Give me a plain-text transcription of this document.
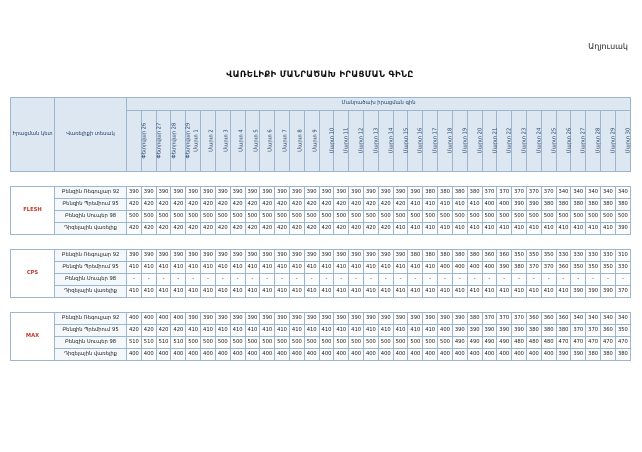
Աղյուսակ
ՎԱՌԵԼԻՔԻ ՄԱՆՐԱԾԱԽ ԻՐԱՑՄԱՆ ԳԻՆԸ
Իրացման կետ	Վառելիքի տեսակ	Մանրածախ իրացման գին																																	
		Փետրվար 26	Փետրվար 27	Փետրվար 28	Փետրվար 29	Մարտ 1	Մարտ 2	Մարտ 3	Մարտ 4	Մարտ 5	Մարտ 6	Մարտ 7	Մարտ 8	Մարտ 9	Մարտ 10	Մարտ 11	Մարտ 12	Մարտ 13	Մարտ 14	Մարտ 15	Մարտ 16	Մարտ 17	Մարտ 18	Մարտ 19	Մարտ 20	Մարտ 21	Մարտ 22	Մարտ 23	Մարտ 24	Մարտ 25	Մարտ 26	Մարտ 27	Մարտ 28	Մարտ 29	Մարտ 30

FLESH	Բենզին Ռեգուլյար 92	390	390	390	390	390	390	390	390	390	390	390	390	390	390	390	390	390	390	390	390	380	380	380	380	370	370	370	370	370	340	340	340	340	340
	Բենզին Պրեմիում 95	420	420	420	420	420	420	420	420	420	420	420	420	420	420	420	420	420	420	420	410	410	410	410	410	400	400	390	390	380	380	380	380	380	380
	Բենզին Սուպեր 98	500	500	500	500	500	500	500	500	500	500	500	500	500	500	500	500	500	500	500	500	500	500	500	500	500	500	500	500	500	500	500	500	500	500
	Դիզելային վառելիք	420	420	420	420	420	420	420	420	420	420	420	420	420	420	420	420	420	420	410	410	410	410	410	410	410	410	410	410	410	410	410	410	410	390

CPS	Բենզին Ռեգուլյար 92	390	390	390	390	390	390	390	390	390	390	390	390	390	390	390	390	390	390	390	380	380	380	380	380	360	360	350	350	350	330	330	330	330	310
	Բենզին Պրեմիում 95	410	410	410	410	410	410	410	410	410	410	410	410	410	410	410	410	410	410	410	410	410	400	400	400	400	390	380	370	370	360	350	350	350	330
	Բենզին Սուպեր 98	-	-	-	-	-	-	-	-	-	-	-	-	-	-	-	-	-	-	-	-	-	-	-	-	-	-	-	-	-	-	-	-	-	-
	Դիզելային վառելիք	410	410	410	410	410	410	410	410	410	410	410	410	410	410	410	410	410	410	410	410	410	410	410	410	410	410	410	410	410	410	390	390	390	370

MAX	Բենզին Ռեգուլյար 92	400	400	400	400	390	390	390	390	390	390	390	390	390	390	390	390	390	390	390	390	390	390	390	380	370	370	370	360	360	360	340	340	340	340
	Բենզին Պրեմիում 95	420	420	420	420	410	410	410	410	410	410	410	410	410	410	410	410	410	410	410	410	410	400	390	390	390	390	390	380	380	380	370	370	360	350
	Բենզին Սուպեր 98	510	510	510	510	500	500	500	500	500	500	500	500	500	500	500	500	500	500	500	500	500	500	490	490	490	490	480	480	480	470	470	470	470	470
	Դիզելային վառելիք	400	400	400	400	400	400	400	400	400	400	400	400	400	400	400	400	400	400	400	400	400	400	400	400	400	400	400	400	400	390	390	380	380	380
